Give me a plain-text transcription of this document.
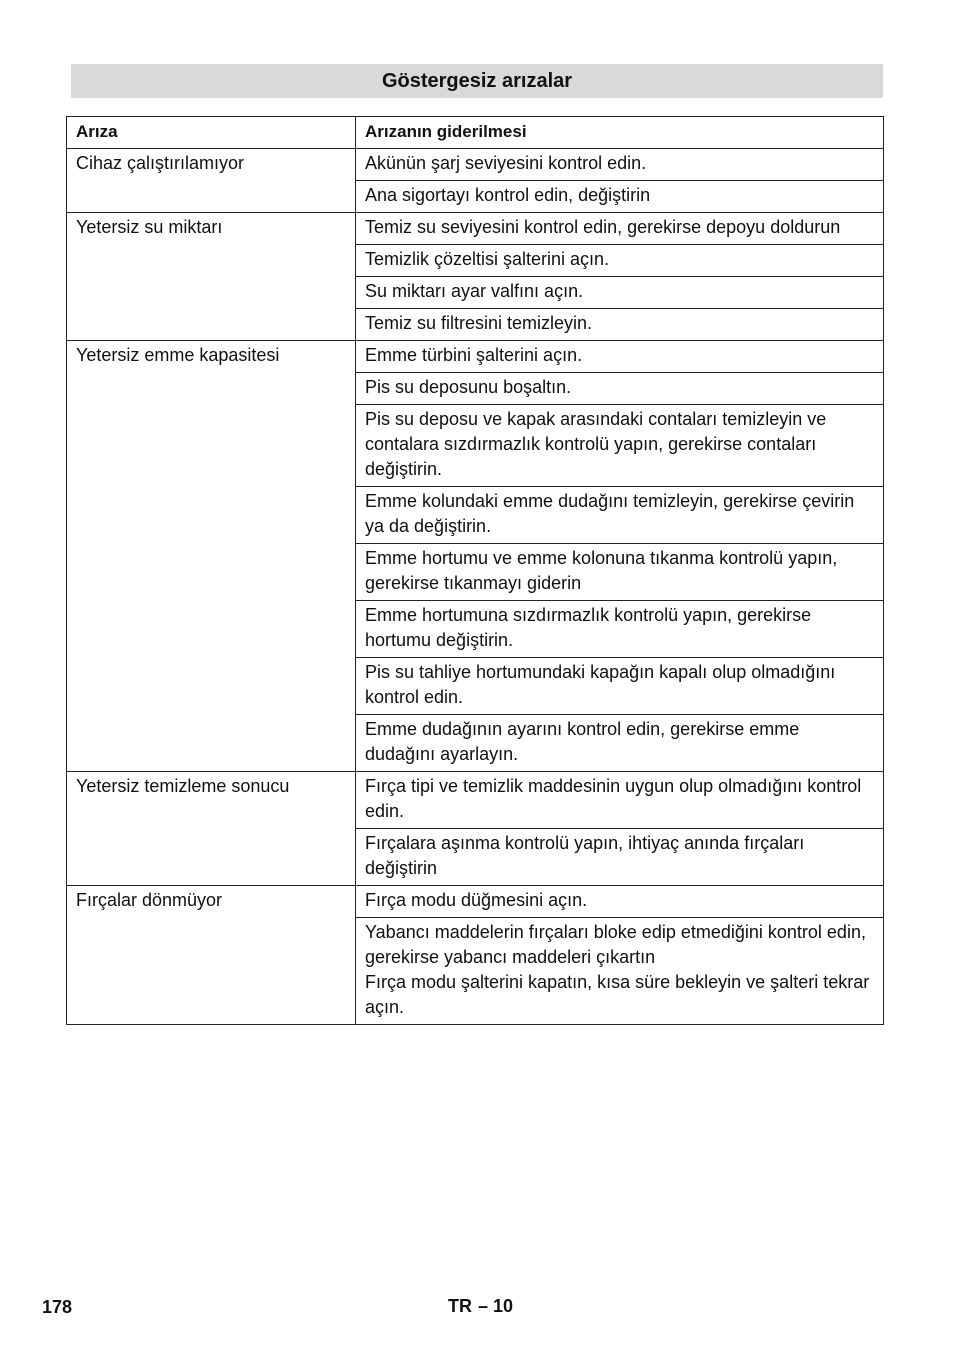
Göstergesiz arızalar
Arıza	Arızanın giderilmesi
Cihaz çalıştırılamıyor	Akünün şarj seviyesini kontrol edin.
	Ana sigortayı kontrol edin, değiştirin
Yetersiz su miktarı	Temiz su seviyesini kontrol edin, gerekirse depoyu doldurun
	Temizlik çözeltisi şalterini açın.
	Su miktarı ayar valfını açın.
	Temiz su filtresini temizleyin.
Yetersiz emme kapasitesi	Emme türbini şalterini açın.
	Pis su deposunu boşaltın.
	Pis su deposu ve kapak arasındaki contaları temizleyin ve contalara sızdırmazlık kontrolü yapın, gerekirse contaları değiştirin.
	Emme kolundaki emme dudağını temizleyin, gerekirse çevirin ya da değiştirin.
	Emme hortumu ve emme kolonuna tıkanma kontrolü yapın, gerekirse tıkanmayı giderin
	Emme hortumuna sızdırmazlık kontrolü yapın, gerekirse hortumu değiştirin.
	Pis su tahliye hortumundaki kapağın kapalı olup olmadığını kontrol edin.
	Emme dudağının ayarını kontrol edin, gerekirse emme dudağını ayarlayın.
Yetersiz temizleme sonucu	Fırça tipi ve temizlik maddesinin uygun olup olmadığını kontrol edin.
	Fırçalara aşınma kontrolü yapın, ihtiyaç anında fırçaları değiştirin
Fırçalar dönmüyor	Fırça modu düğmesini açın.

	Yabancı maddelerin fırçaları bloke edip etmediğini kontrol edin, gerekirse yabancı maddeleri çıkartın
Fırça modu şalterini kapatın, kısa süre bekleyin ve şalteri tekrar açın.
178	TR – 10
